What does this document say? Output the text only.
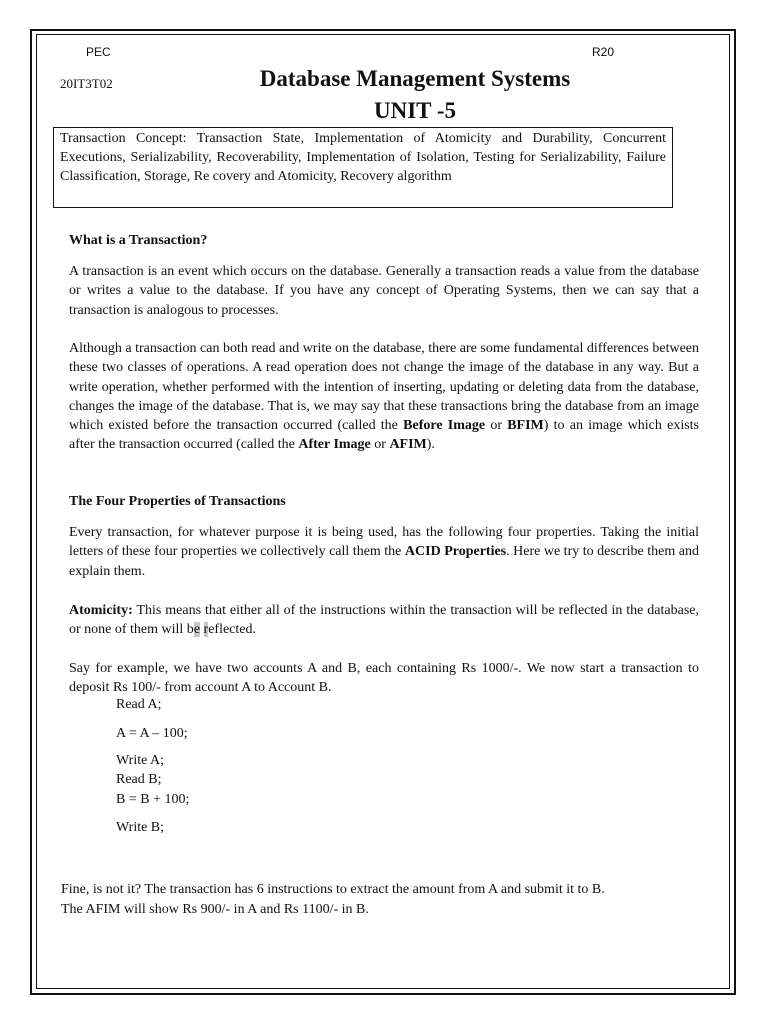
PEC	R20
20IT3T02	Database Management Systems
UNIT -5

Transaction Concept: Transaction State, Implementation of Atomicity and Durability, Concurrent Executions, Serializability, Recoverability, Implementation of Isolation, Testing for Serializability, Failure Classification, Storage, Re covery and Atomicity, Recovery algorithm

What is a Transaction?

A transaction is an event which occurs on the database. Generally a transaction reads a value from the database or writes a value to the database. If you have any concept of Operating Systems, then we can say that a transaction is analogous to processes.

Although a transaction can both read and write on the database, there are some fundamental differences between these two classes of operations. A read operation does not change the image of the database in any way. But a write operation, whether performed with the intention of inserting, updating or deleting data from the database, changes the image of the database. That is, we may say that these transactions bring the database from an image which existed before the transaction occurred (called the Before Image or BFIM) to an image which exists after the transaction occurred (called the After Image or AFIM).

The Four Properties of Transactions

Every transaction, for whatever purpose it is being used, has the following four properties. Taking the initial letters of these four properties we collectively call them the ACID Properties. Here we try to describe them and explain them.

Atomicity: This means that either all of the instructions within the transaction will be reflected in the database, or none of them will be reflected.

Say for example, we have two accounts A and B, each containing Rs 1000/-. We now start a transaction to deposit Rs 100/- from account A to Account B.

Read A;

A = A – 100;

Write A;

Read B;

B = B + 100;

Write B;

Fine, is not it? The transaction has 6 instructions to extract the amount from A and submit it to B.

The AFIM will show Rs 900/- in A and Rs 1100/- in B.
